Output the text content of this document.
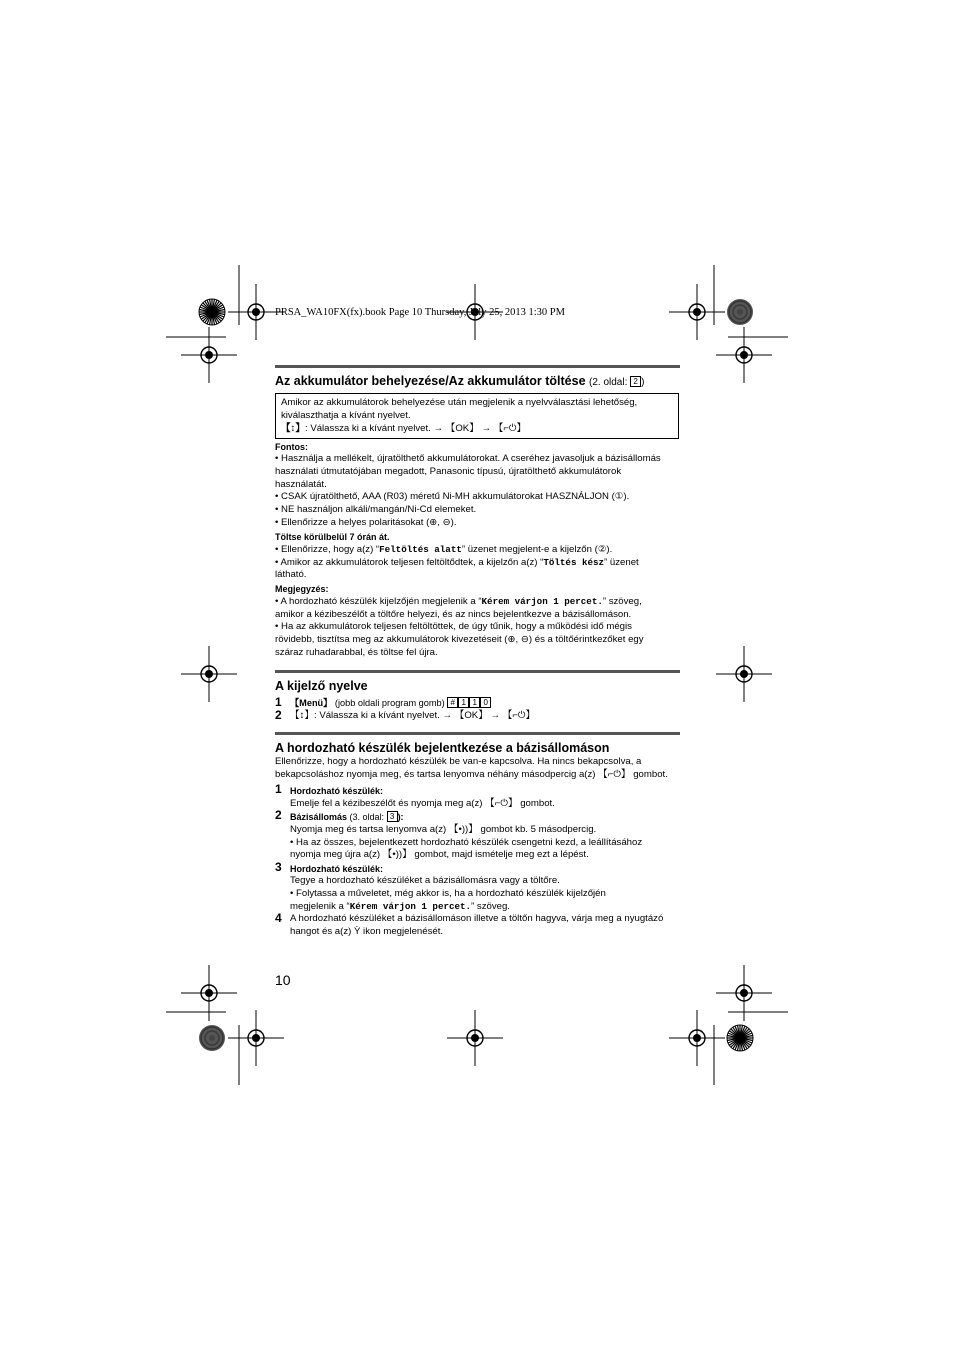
PRSA_WA10FX(fx).book Page 10 Thursday, July 25, 2013 1:30 PM
Az akkumulátor behelyezése/Az akkumulátor töltése (2. oldal: 2 )
Amikor az akkumulátorok behelyezése után megjelenik a nyelvválasztási lehetőség,
kiválaszthatja a kívánt nyelvet.
【↕】: Válassza ki a kívánt nyelvet. → 【OK】 → 【⌐⏻】
Fontos:
• Használja a mellékelt, újratölthető akkumulátorokat. A cseréhez javasoljuk a bázisállomás
használati útmutatójában megadott, Panasonic típusú, újratölthető akkumulátorok
használatát.
• CSAK újratölthető, AAA (R03) méretű Ni-MH akkumulátorokat HASZNÁLJON (①).
• NE használjon alkáli/mangán/Ni-Cd elemeket.
• Ellenőrizze a helyes polaritásokat (⊕, ⊖).
Töltse körülbelül 7 órán át.
• Ellenőrizze, hogy a(z) “Feltöltés alatt” üzenet megjelent-e a kijelzőn (②).
• Amikor az akkumulátorok teljesen feltöltődtek, a kijelzőn a(z) “Töltés kész” üzenet
látható.
Megjegyzés:
• A hordozható készülék kijelzőjén megjelenik a “Kérem várjon 1 percet.” szöveg,
amikor a kézibeszélőt a töltőre helyezi, és az nincs bejelentkezve a bázisállomáson.
• Ha az akkumulátorok teljesen feltöltöttek, de úgy tűnik, hogy a működési idő mégis
rövidebb, tisztítsa meg az akkumulátorok kivezetéseit (⊕, ⊖) és a töltőérintkezőket egy
száraz ruhadarabbal, és töltse fel újra.
A kijelző nyelve
1 【Menü】 (jobb oldali program gomb) # 1 1 0
2 【↕】: Válassza ki a kívánt nyelvet. → 【OK】 → 【⌐⏻】
A hordozható készülék bejelentkezése a bázisállomáson
Ellenőrizze, hogy a hordozható készülék be van-e kapcsolva. Ha nincs bekapcsolva, a
bekapcsoláshoz nyomja meg, és tartsa lenyomva néhány másodpercig a(z) 【⌐⏻】 gombot.
1 Hordozható készülék:
Emelje fel a kézibeszélőt és nyomja meg a(z) 【⌐⏻】 gombot.
2 Bázisállomás (3. oldal: 3 ):
Nyomja meg és tartsa lenyomva a(z) 【•))】 gombot kb. 5 másodpercig.
• Ha az összes, bejelentkezett hordozható készülék csengetni kezd, a leállításához
nyomja meg újra a(z) 【•))】 gombot, majd ismételje meg ezt a lépést.
3 Hordozható készülék:
Tegye a hordozható készüléket a bázisállomásra vagy a töltőre.
• Folytassa a műveletet, még akkor is, ha a hordozható készülék kijelzőjén
megjelenik a “Kérem várjon 1 percet.” szöveg.
4 A hordozható készüléket a bázisállomáson illetve a töltőn hagyva, várja meg a nyugtázó
hangot és a(z) Ỳ ikon megjelenését.
10
